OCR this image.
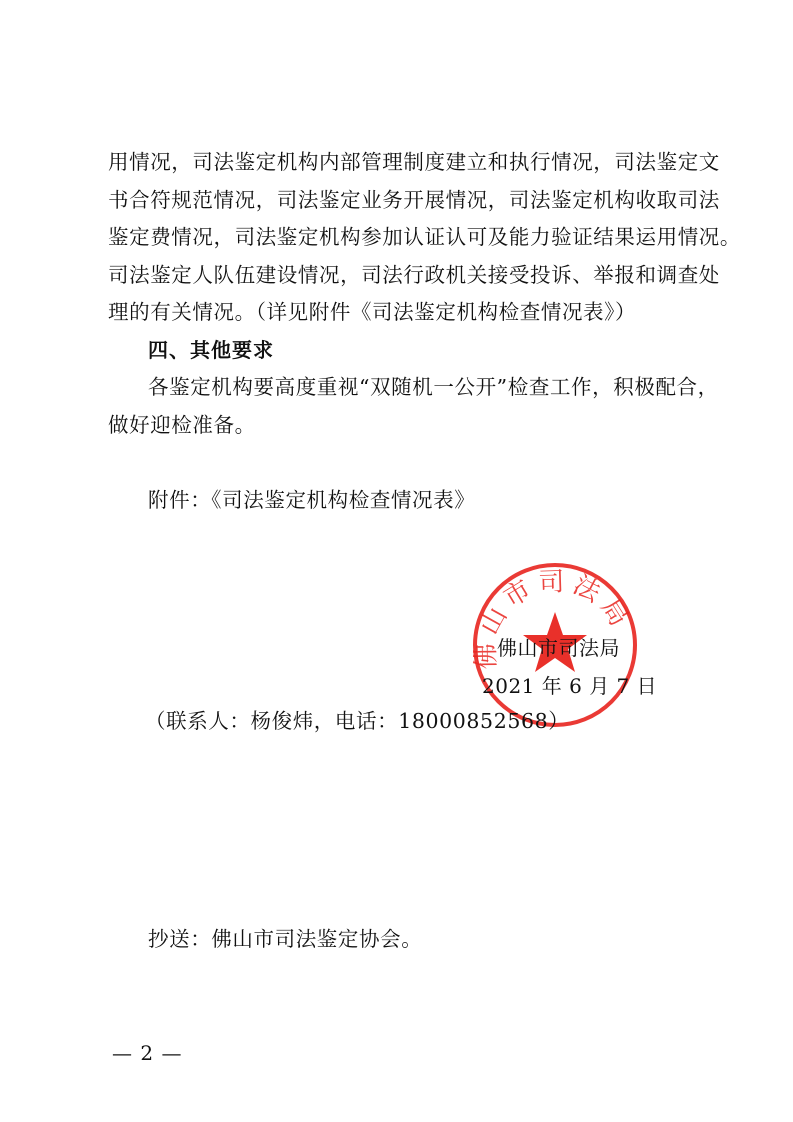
用情况，司法鉴定机构内部管理制度建立和执行情况，司法鉴定文
书合符规范情况，司法鉴定业务开展情况，司法鉴定机构收取司法
鉴定费情况，司法鉴定机构参加认证认可及能力验证结果运用情况。
司法鉴定人队伍建设情况，司法行政机关接受投诉、举报和调查处
理的有关情况。（详见附件《司法鉴定机构检查情况表》）
四、其他要求
各鉴定机构要高度重视“双随机一公开”检查工作，积极配合，
做好迎检准备。
附件：《司法鉴定机构检查情况表》
佛山市司法局
佛山市司法局
2021 年 6 月 7 日
（联系人：杨俊炜，电话：18000852568）
抄送：佛山市司法鉴定协会。
— 2 —
